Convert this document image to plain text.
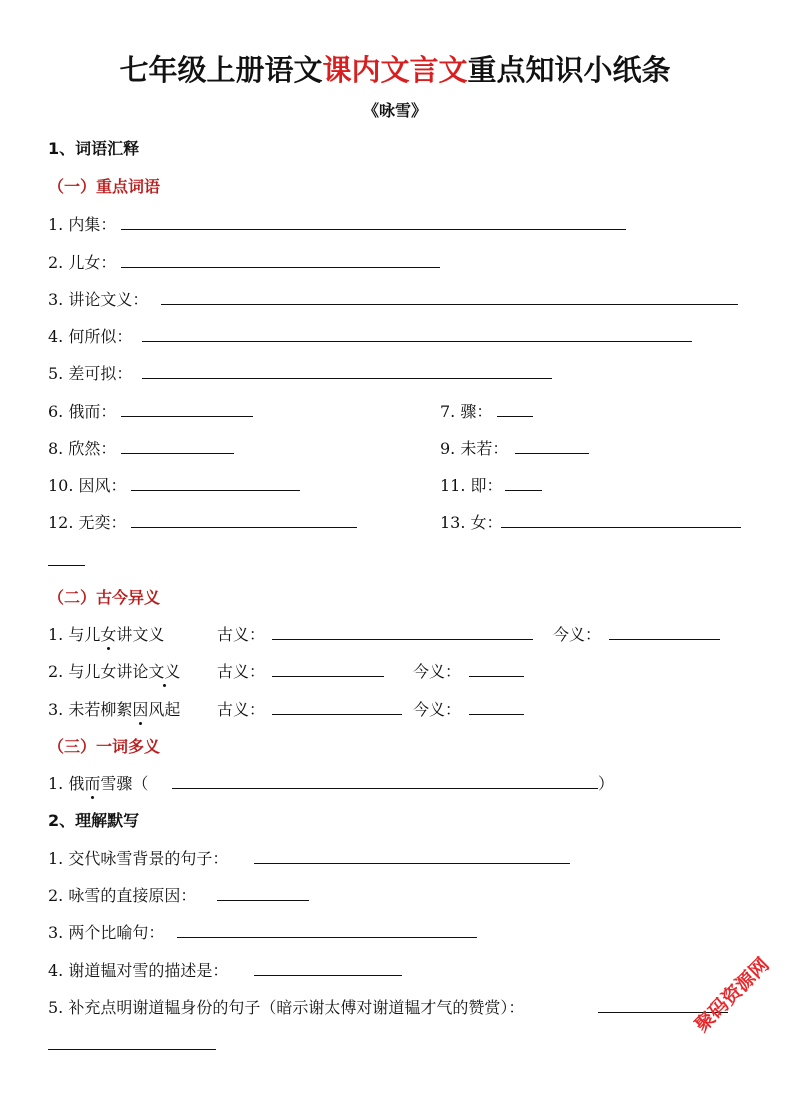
七年级上册语文课内文言文重点知识小纸条
《咏雪》
1、词语汇释
（一）重点词语
1. 内集：
2. 儿女：
3. 讲论文义：
4. 何所似：
5. 差可拟：
6. 俄而：	7. 骤：
8. 欣然：	9. 未若：
10. 因风：	11. 即：
12. 无奕：	13. 女：
（二）古今异义
1. 与儿女讲文义	古义：	今义：
2. 与儿女讲论文义 古义：	今义：
3. 未若柳絮因风起 古义：	今义：
（三）一词多义
1. 俄而雪骤（	）
2、理解默写
1. 交代咏雪背景的句子：
2. 咏雪的直接原因：
3. 两个比喻句：
4. 谢道韫对雪的描述是：
5. 补充点明谢道韫身份的句子（暗示谢太傅对谢道韫才气的赞赏）：	聚码资源网
